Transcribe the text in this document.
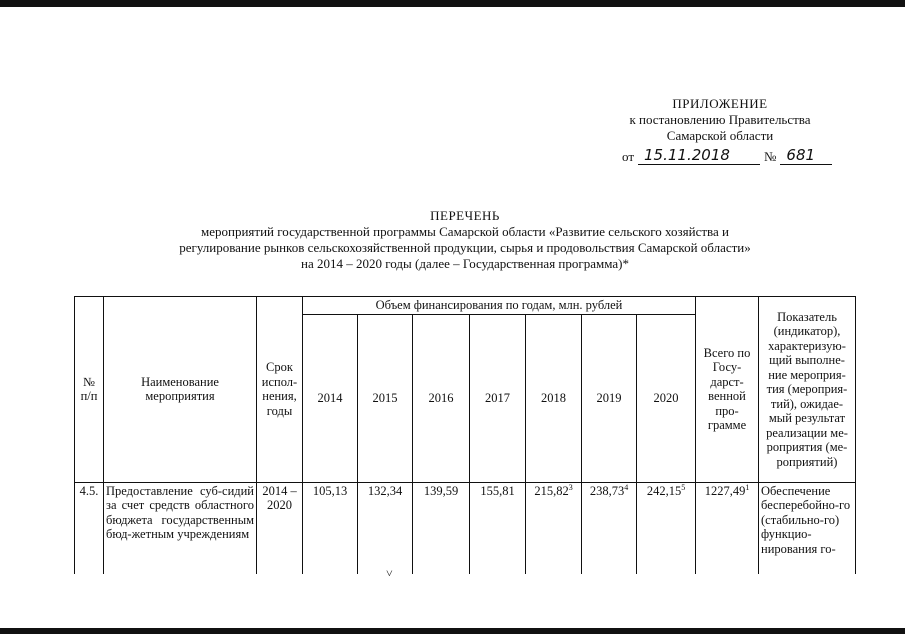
ПРИЛОЖЕНИЕ
к постановлению Правительства
Самарской области
от 15.11.2018	№ 681
ПЕРЕЧЕНЬ
мероприятий государственной программы Самарской области «Развитие сельского хозяйства и
регулирование рынков сельскохозяйственной продукции, сырья и продовольствия Самарской области»
на 2014 – 2020 годы (далее – Государственная программа)*
№ п/п	Наименование мероприятия	Срок испол-нения, годы	Объем финансирования по годам, млн. рублей							Всего по Госу-дарст-венной про-грамме	Показатель (индикатор), характеризую-щий выполне-ние мероприя-тия (мероприя-тий), ожидае-мый результат реализации ме-роприятия (ме-роприятий)
			2014	2015	2016	2017	2018	2019	2020		
4.5.	Предоставление суб-сидий за счет средств областного бюджета государственным бюд-жетным учреждениям	2014 – 2020	105,13	132,34	139,59	155,81	215,82$^3$	238,73$^4$	242,15$^5$	1227,49$^1$	Обеспечение бесперебойно-го (стабильно-го) функцио-нирования го-
˅
